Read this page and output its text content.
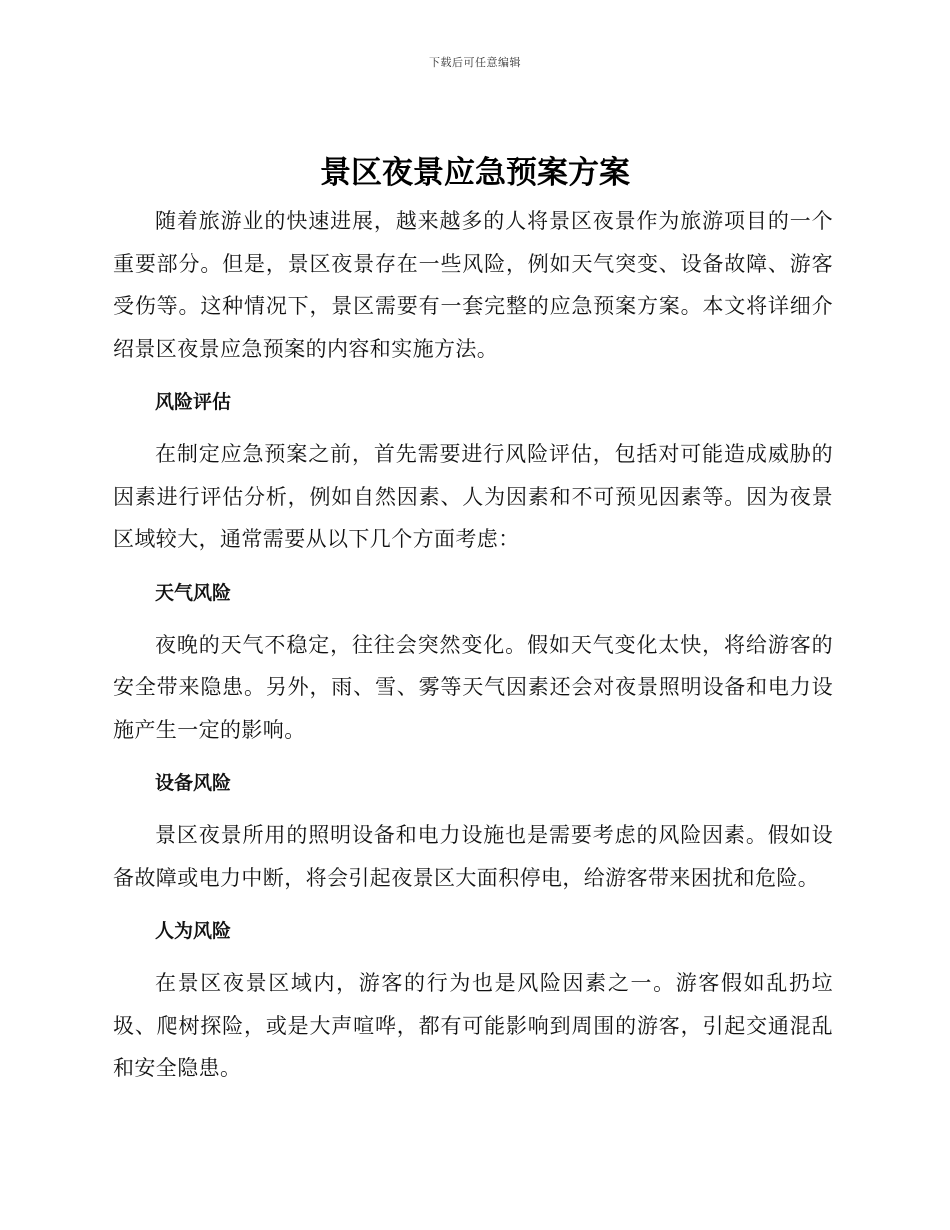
下载后可任意编辑
景区夜景应急预案方案

随着旅游业的快速进展，越来越多的人将景区夜景作为旅游项目的一个重要部分。但是，景区夜景存在一些风险，例如天气突变、设备故障、游客受伤等。这种情况下，景区需要有一套完整的应急预案方案。本文将详细介绍景区夜景应急预案的内容和实施方法。

风险评估

在制定应急预案之前，首先需要进行风险评估，包括对可能造成威胁的因素进行评估分析，例如自然因素、人为因素和不可预见因素等。因为夜景区域较大，通常需要从以下几个方面考虑：

天气风险

夜晚的天气不稳定，往往会突然变化。假如天气变化太快，将给游客的安全带来隐患。另外，雨、雪、雾等天气因素还会对夜景照明设备和电力设施产生一定的影响。

设备风险

景区夜景所用的照明设备和电力设施也是需要考虑的风险因素。假如设备故障或电力中断，将会引起夜景区大面积停电，给游客带来困扰和危险。

人为风险

在景区夜景区域内，游客的行为也是风险因素之一。游客假如乱扔垃圾、爬树探险，或是大声喧哗，都有可能影响到周围的游客，引起交通混乱和安全隐患。
